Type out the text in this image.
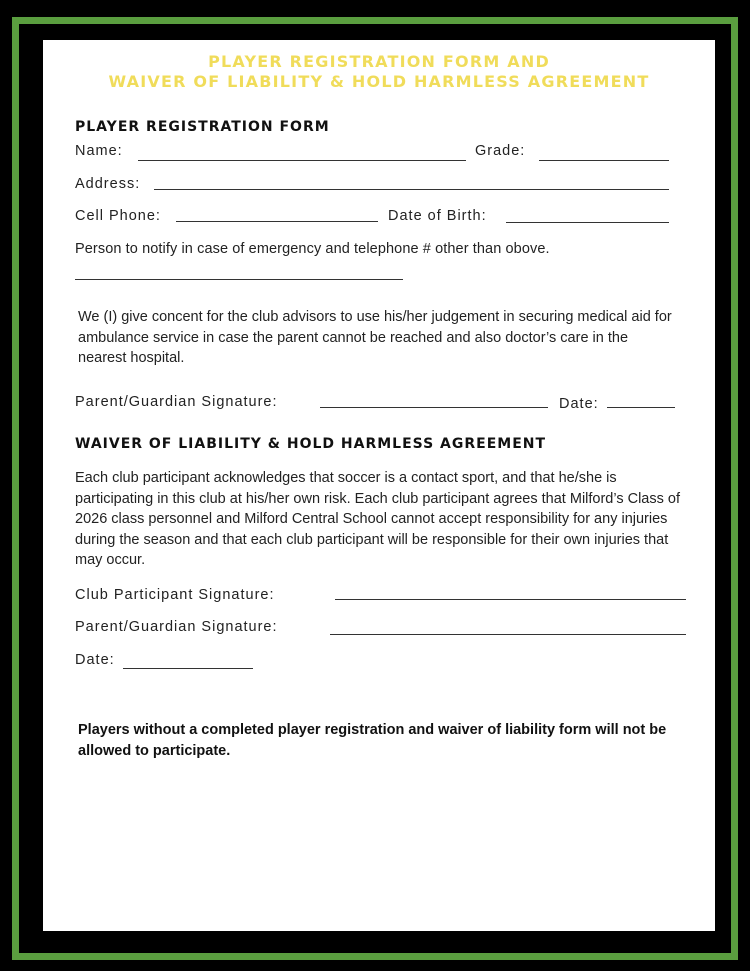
PLAYER REGISTRATION FORM AND
WAIVER OF LIABILITY & HOLD HARMLESS AGREEMENT
PLAYER REGISTRATION FORM
Name:	Grade:
Address:
Cell Phone:	Date of Birth:
Person to notify in case of emergency and telephone # other than obove.
We (I) give concent for the club advisors to use his/her judgement in securing medical aid for ambulance service in case the parent cannot be reached and also doctor’s care in the nearest hospital.
Parent/Guardian Signature:	Date:
WAIVER OF LIABILITY & HOLD HARMLESS AGREEMENT
Each club participant acknowledges that soccer is a contact sport, and that he/she is participating in this club at his/her own risk. Each club participant agrees that Milford’s Class of 2026 class personnel and Milford Central School cannot accept responsibility for any injuries during the season and that each club participant will be responsible for their own injuries that may occur.
Club Participant Signature:
Parent/Guardian Signature:
Date:
Players without a completed player registration and waiver of liability form will not be allowed to participate.
